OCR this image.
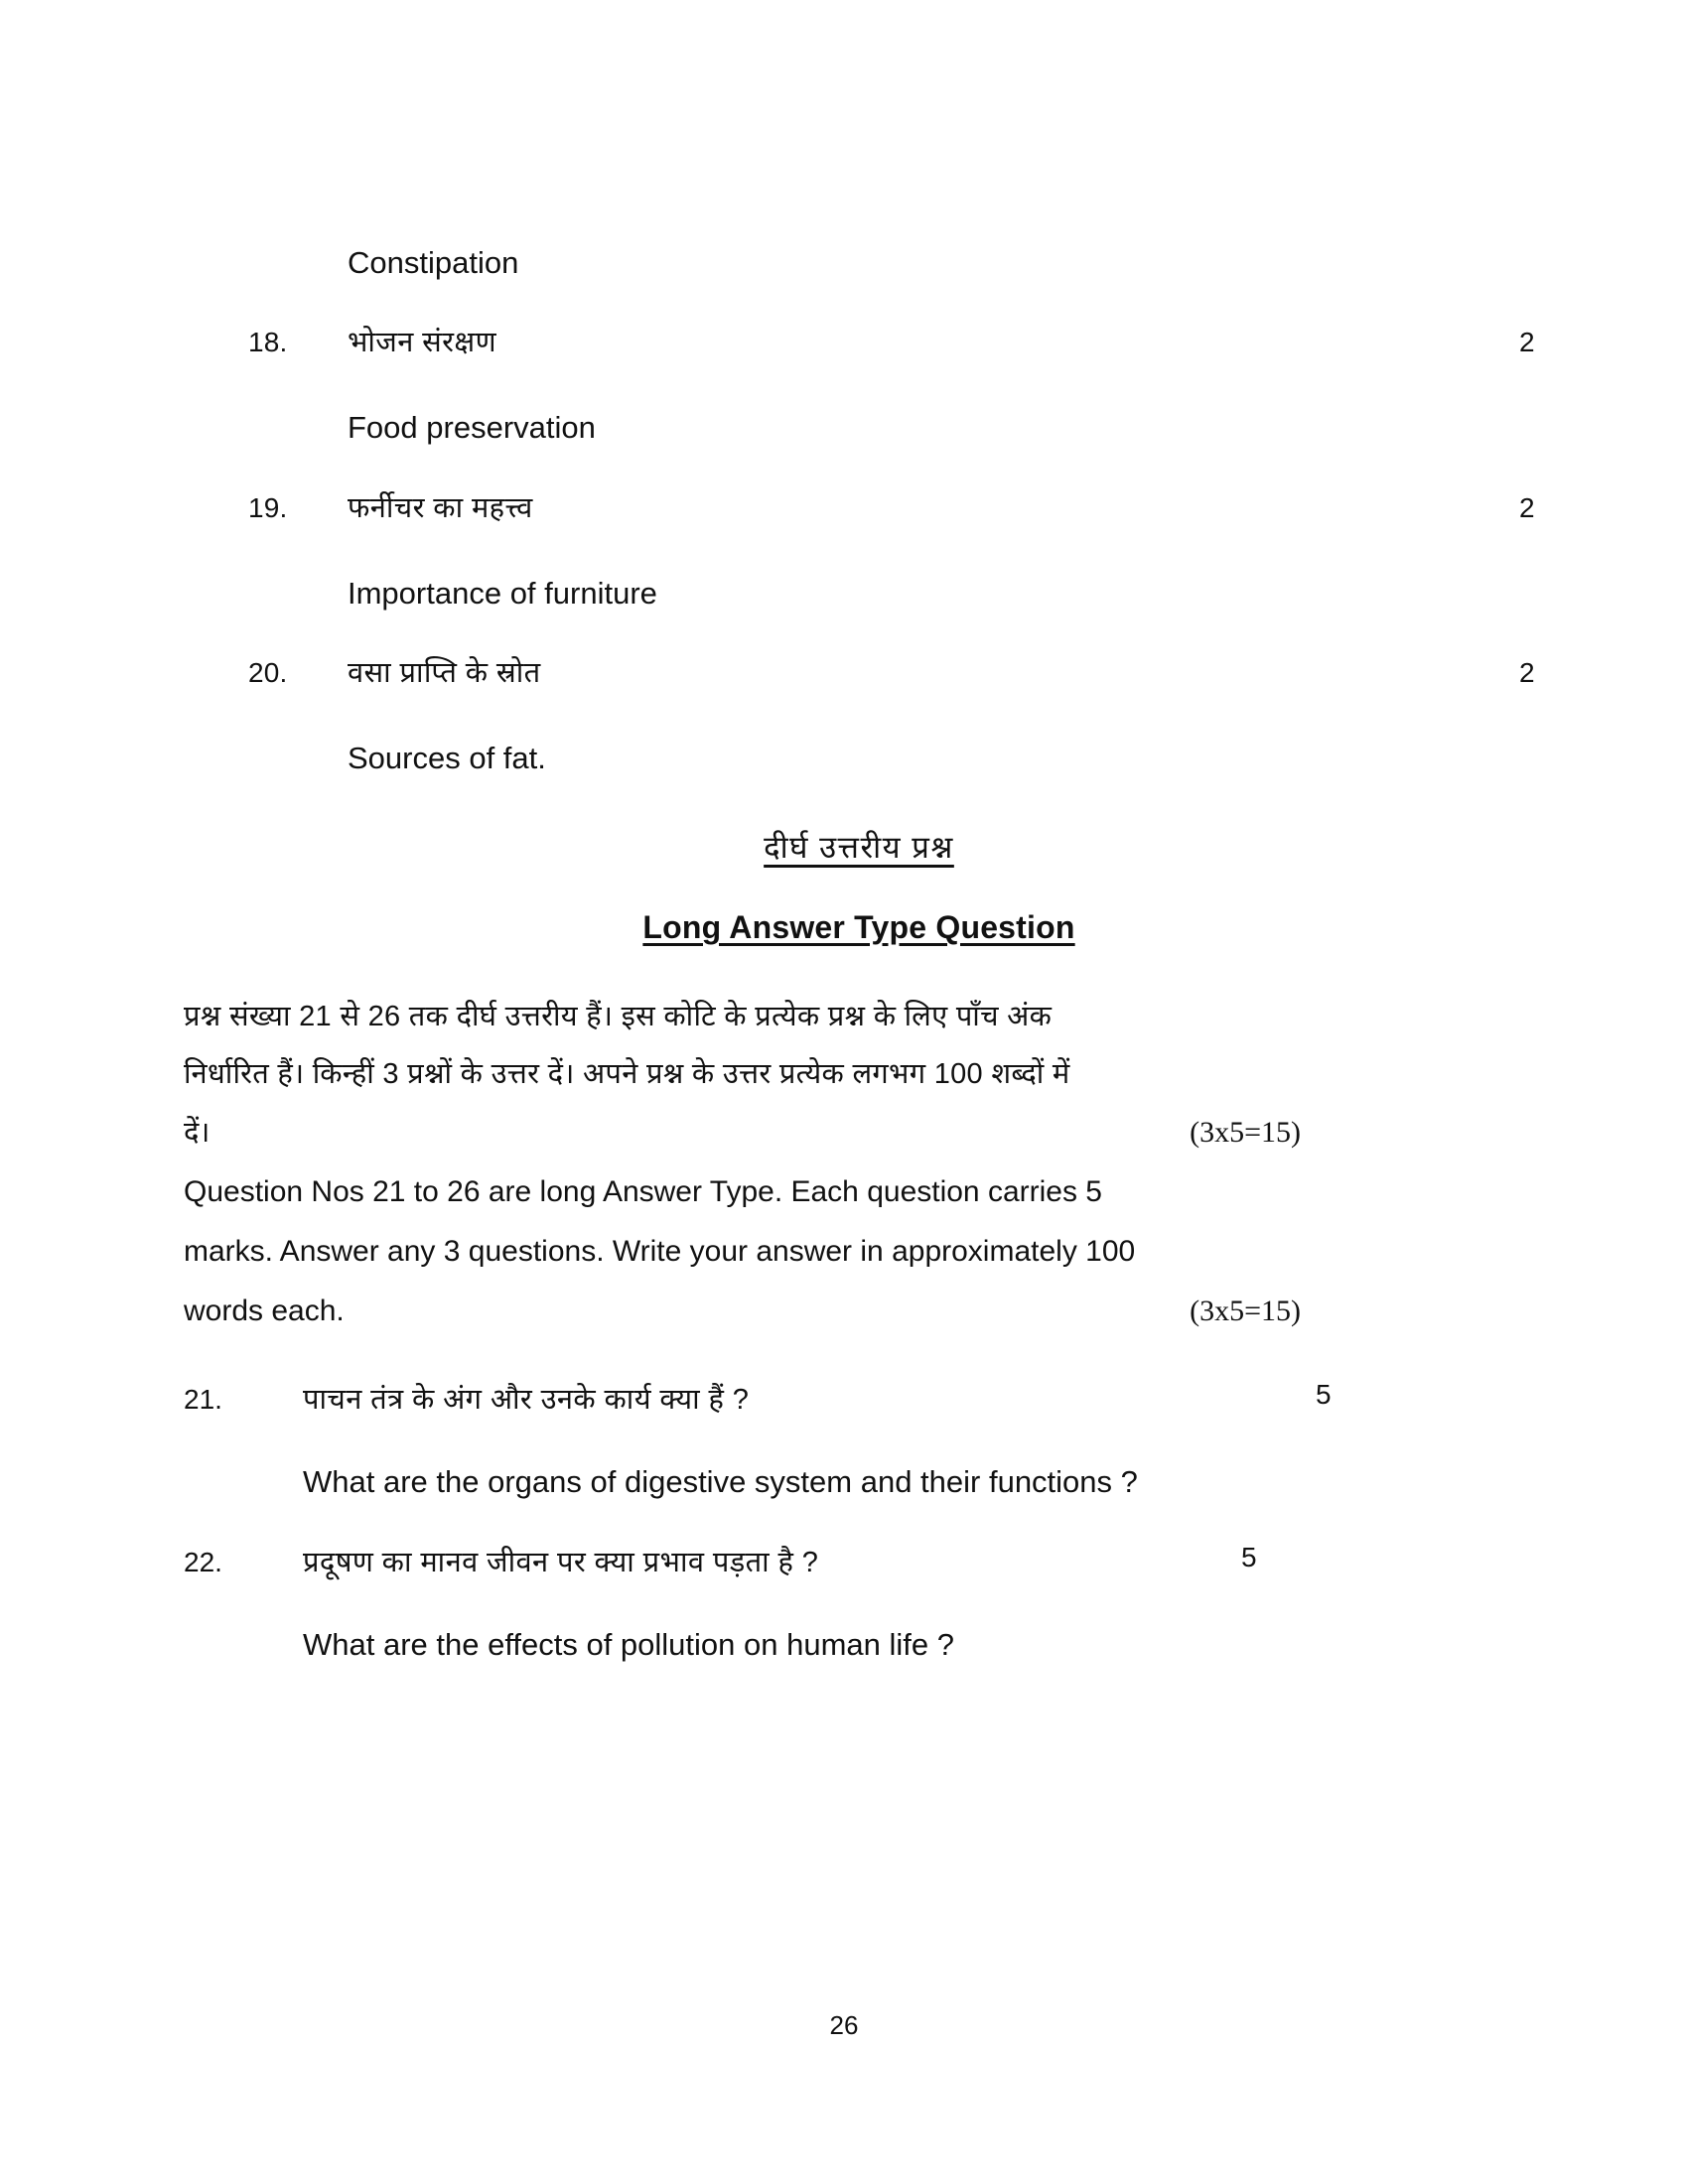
Constipation
18.	भोजन संरक्षण	2
Food preservation
19.	फर्नीचर का महत्त्व	2
Importance of furniture
20.	वसा प्राप्ति के स्रोत	2
Sources of fat.
दीर्घ उत्तरीय प्रश्न
Long Answer Type Question
प्रश्न संख्या 21 से 26 तक दीर्घ उत्तरीय हैं। इस कोटि के प्रत्येक प्रश्न के लिए पाँच अंक
निर्धारित हैं। किन्हीं 3 प्रश्नों के उत्तर दें। अपने प्रश्न के उत्तर प्रत्येक लगभग 100 शब्दों में
दें।	(3x5=15)
Question Nos 21 to 26 are long Answer Type. Each question carries 5
marks. Answer any 3 questions. Write your answer in approximately 100
words each.	(3x5=15)
21.	पाचन तंत्र के अंग और उनके कार्य क्या हैं ?	5
What are the organs of digestive system and their functions ?
22.	प्रदूषण का मानव जीवन पर क्या प्रभाव पड़ता है ?	5
What are the effects of pollution on human life ?
26
